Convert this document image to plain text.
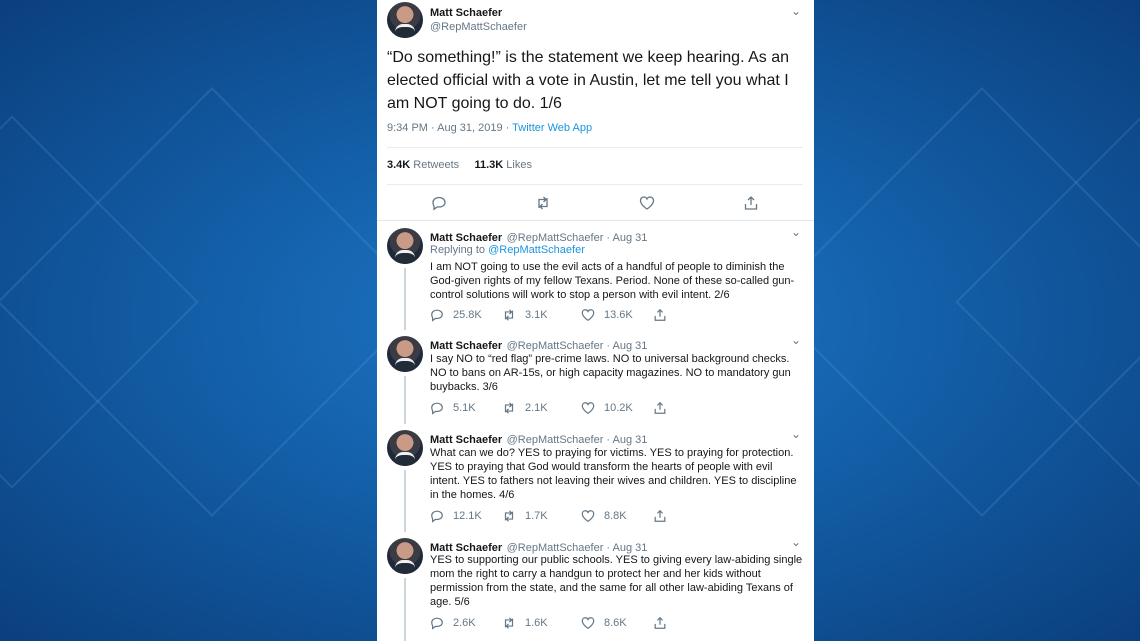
Matt Schaefer
@RepMattSchaefer
⌄
“Do something!” is the statement we keep hearing. As an elected official with a vote in Austin, let me tell you what I am NOT going to do. 1/6
9:34 PM · Aug 31, 2019 · Twitter Web App
3.4K Retweets 11.3K Likes
Matt Schaefer @RepMattSchaefer · Aug 31	⌄
Replying to @RepMattSchaefer
I am NOT going to use the evil acts of a handful of people to diminish the God-given rights of my fellow Texans. Period. None of these so-called gun-control solutions will work to stop a person with evil intent. 2/6
25.8K	3.1K	13.6K
Matt Schaefer @RepMattSchaefer · Aug 31	⌄
I say NO to “red flag” pre-crime laws. NO to universal background checks. NO to bans on AR-15s, or high capacity magazines. NO to mandatory gun buybacks. 3/6
5.1K	2.1K	10.2K
Matt Schaefer @RepMattSchaefer · Aug 31	⌄
What can we do? YES to praying for victims. YES to praying for protection. YES to praying that God would transform the hearts of people with evil intent. YES to fathers not leaving their wives and children. YES to discipline in the homes. 4/6
12.1K	1.7K	8.8K
Matt Schaefer @RepMattSchaefer · Aug 31	⌄
YES to supporting our public schools. YES to giving every law-abiding single mom the right to carry a handgun to protect her and her kids without permission from the state, and the same for all other law-abiding Texans of age. 5/6
2.6K	1.6K	8.6K
